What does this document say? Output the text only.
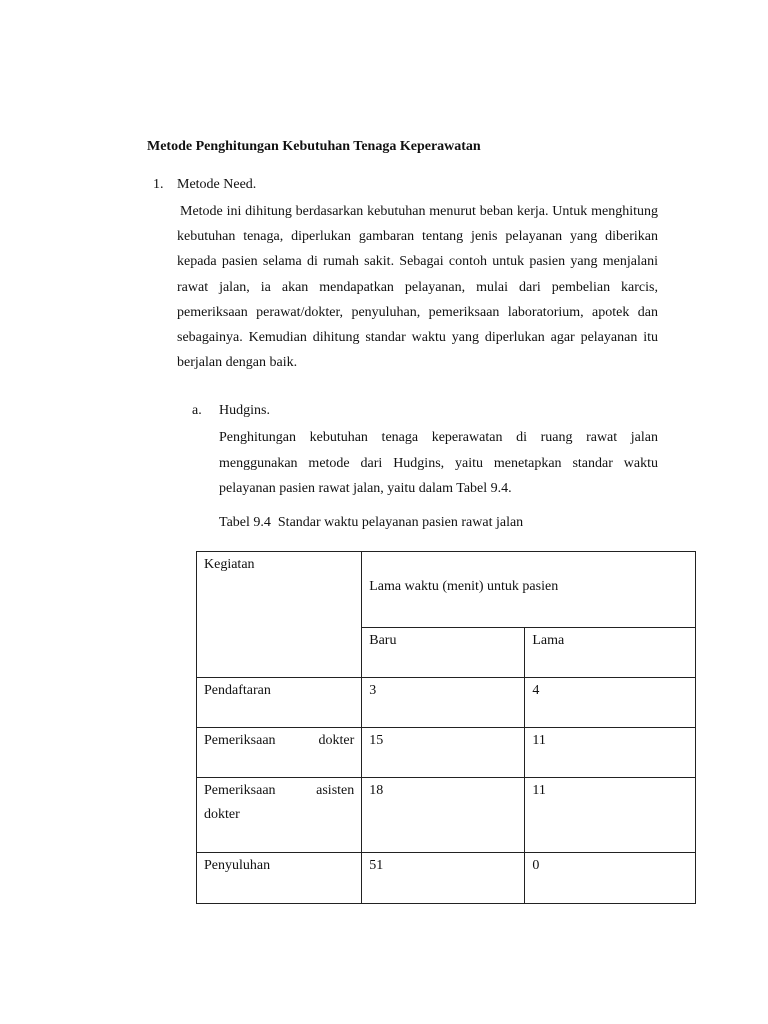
Metode Penghitungan Kebutuhan Tenaga Keperawatan
1. Metode Need.

Metode ini dihitung berdasarkan kebutuhan menurut beban kerja. Untuk menghitung kebutuhan tenaga, diperlukan gambaran tentang jenis pelayanan yang diberikan kepada pasien selama di rumah sakit. Sebagai contoh untuk pasien yang menjalani rawat jalan, ia akan mendapatkan pelayanan, mulai dari pembelian karcis, pemeriksaan perawat/dokter, penyuluhan, pemeriksaan laboratorium, apotek dan sebagainya. Kemudian dihitung standar waktu yang diperlukan agar pelayanan itu berjalan dengan baik.

a. Hudgins.

Penghitungan kebutuhan tenaga keperawatan di ruang rawat jalan menggunakan metode dari Hudgins, yaitu menetapkan standar waktu pelayanan pasien rawat jalan, yaitu dalam Tabel 9.4.

Tabel 9.4  Standar waktu pelayanan pasien rawat jalan
Kegiatan	Lama waktu (menit) untuk pasien	
	Baru	Lama
Pendaftaran	3	4

Pemeriksaan dokter	15	11

Pemeriksaan asisten
dokter	18	11
Penyuluhan	51	0
